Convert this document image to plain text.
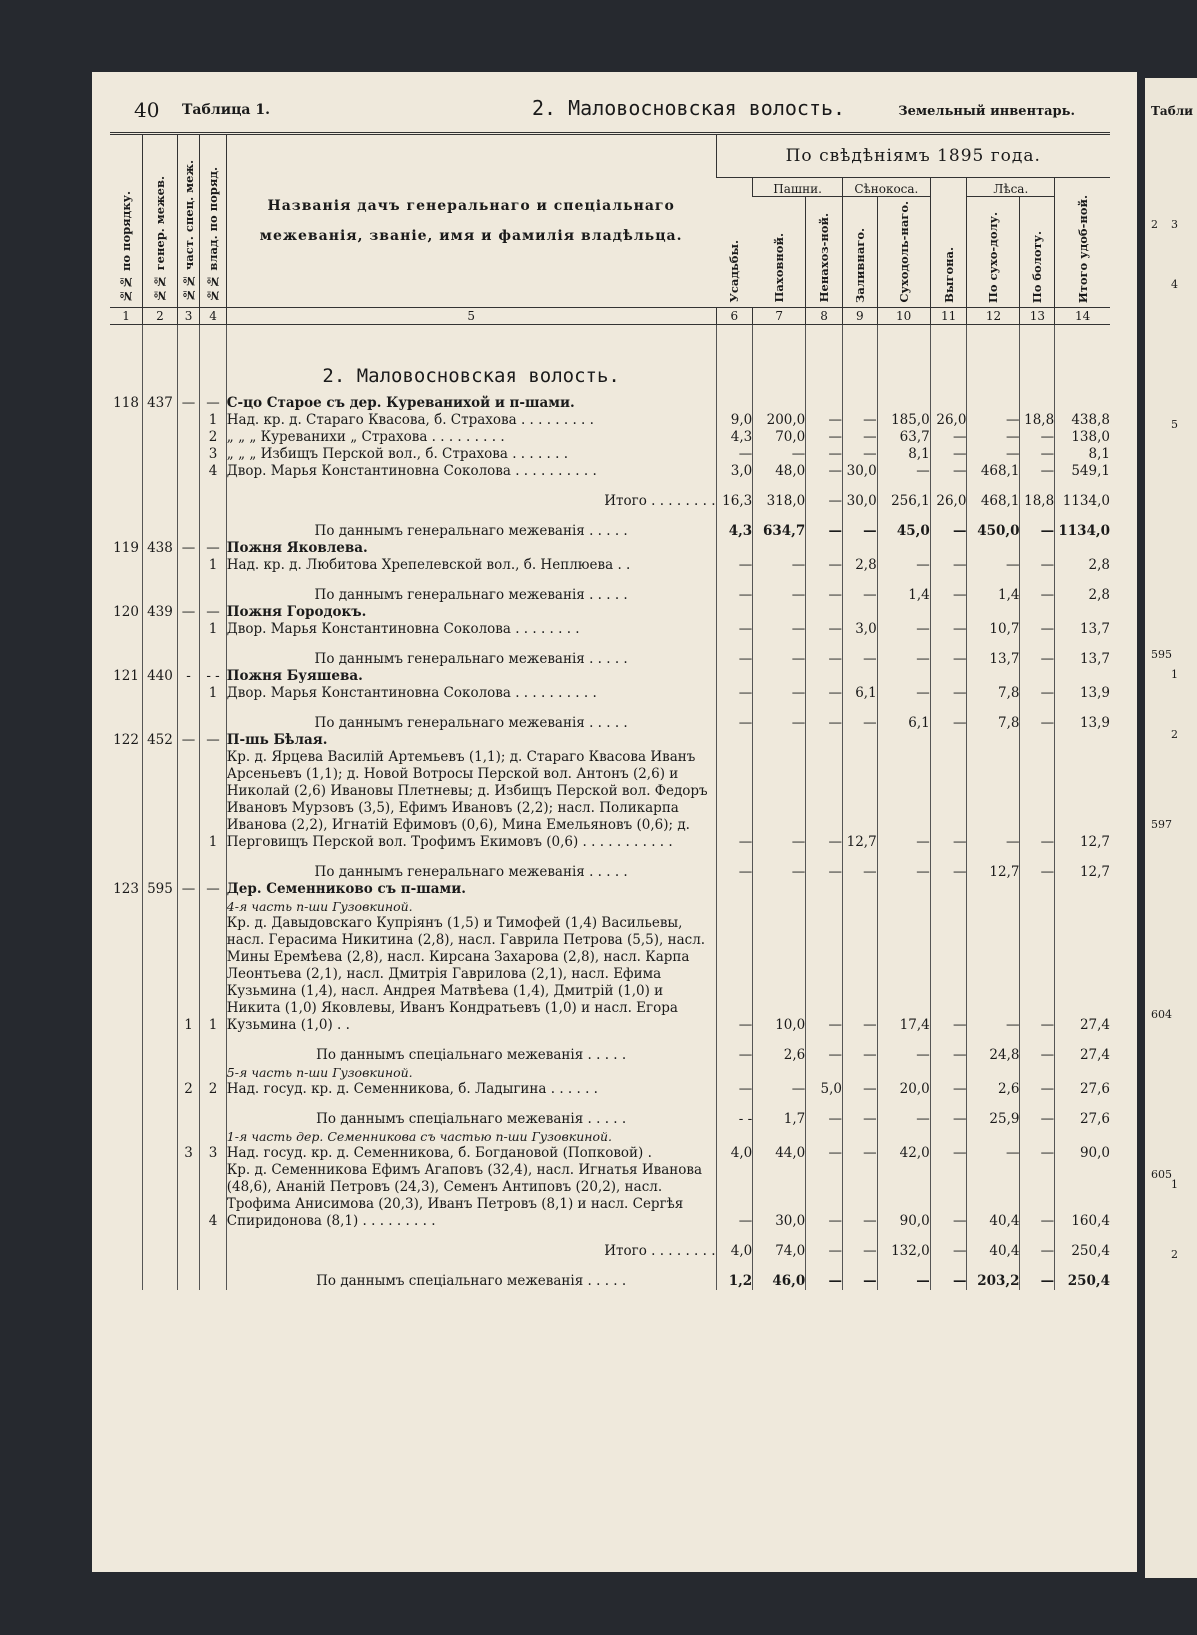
40 Таблица 1.	2. Маловосновская волость.	Земельный инвентарь.
№№ по порядку.	№№ генер. межев.	№№ част. спец. меж.	№№ влад. по поряд.	Названія дачъ генеральнаго и спеціальнаго
межеванія, званіе, имя и фамилія владѣльца.	По свѣдѣніямъ 1895 года.								

					Усадьбы.	Пашни.		Сѣнокоса.		Выгона.	Лѣса.		Итого удоб-ной.

						Паховной.	Ненахоз-ной.	Заливнаго.	Суходоль-наго.		По сухо-долу.	По болоту.	

1	2	3	4	5	6	7	8	9	10	11	12	13	14
				2. Маловосновская волость.									

118	437	—	—	С-цо Старое съ дер. Куреванихой и п-шами.									
			1	Над. кр. д. Стараго Квасова, б. Страхова . . . . . . . . .	9,0	200,0	—	—	185,0	26,0	—	18,8	438,8
			2	„ „ „ Куреванихи „ Страхова . . . . . . . . .	4,3	70,0	—	—	63,7	—	—	—	138,0
			3	„ „ „ Избищъ Перской вол., б. Страхова . . . . . . .	—	—	—	—	8,1	—	—	—	8,1
			4	Двор. Марья Константиновна Соколова . . . . . . . . . .	3,0	48,0	—	30,0	—	—	468,1	—	549,1
				Итого . . . . . . . .	16,3	318,0	—	30,0	256,1	26,0	468,1	18,8	1134,0
				По даннымъ генеральнаго межеванія . . . . .	4,3	634,7	—	—	45,0	—	450,0	—	1134,0
119	438	—	—	Пожня Яковлева.									
			1	Над. кр. д. Любитова Хрепелевской вол., б. Неплюева . .	—	—	—	2,8	—	—	—	—	2,8
				По даннымъ генеральнаго межеванія . . . . .	—	—	—	—	1,4	—	1,4	—	2,8
120	439	—	—	Пожня Городокъ.									
			1	Двор. Марья Константиновна Соколова . . . . . . . .	—	—	—	3,0	—	—	10,7	—	13,7
				По даннымъ генеральнаго межеванія . . . . .	—	—	—	—	—	—	13,7	—	13,7
121	440	-	- -	Пожня Буяшева.									
			1	Двор. Марья Константиновна Соколова . . . . . . . . . .	—	—	—	6,1	—	—	7,8	—	13,9
				По даннымъ генеральнаго межеванія . . . . .	—	—	—	—	6,1	—	7,8	—	13,9
122	452	—	—	П-шь Бѣлая.									
			1	Кр. д. Ярцева Василій Артемьевъ (1,1); д. Стараго Квасова Иванъ Арсеньевъ (1,1); д. Новой Вотросы Перской вол. Антонъ (2,6) и Николай (2,6) Ивановы Плетневы; д. Избищъ Перской вол. Федоръ Ивановъ Мурзовъ (3,5), Ефимъ Ивановъ (2,2); насл. Поликарпа Иванова (2,2), Игнатій Ефимовъ (0,6), Мина Емельяновъ (0,6); д. Перговищъ Перской вол. Трофимъ Екимовъ (0,6) . . . . . . . . . . .	—	—	—	12,7	—	—	—	—	12,7
				По даннымъ генеральнаго межеванія . . . . .	—	—	—	—	—	—	12,7	—	12,7
123	595	—	—	Дер. Семенниково съ п-шами.									
				4-я часть п-ши Гузовкиной.									
		1	1	Кр. д. Давыдовскаго Купріянъ (1,5) и Тимофей (1,4) Васильевы, насл. Герасима Никитина (2,8), насл. Гаврила Петрова (5,5), насл. Мины Еремѣева (2,8), насл. Кирсана Захарова (2,8), насл. Карпа Леонтьева (2,1), насл. Дмитрія Гаврилова (2,1), насл. Ефима Кузьмина (1,4), насл. Андрея Матвѣева (1,4), Дмитрій (1,0) и Никита (1,0) Яковлевы, Иванъ Кондратьевъ (1,0) и насл. Егора Кузьмина (1,0) . .	—	10,0	—	—	17,4	—	—	—	27,4
				По даннымъ спеціальнаго межеванія . . . . .	—	2,6	—	—	—	—	24,8	—	27,4
				5-я часть п-ши Гузовкиной.									
		2	2	Над. госуд. кр. д. Семенникова, б. Ладыгина . . . . . .	—	—	5,0	—	20,0	—	2,6	—	27,6
				По даннымъ спеціальнаго межеванія . . . . .	- -	1,7	—	—	—	—	25,9	—	27,6
				1-я часть дер. Семенникова съ частью п-ши Гузовкиной.									
		3	3	Над. госуд. кр. д. Семенникова, б. Богдановой (Попковой) .	4,0	44,0	—	—	42,0	—	—	—	90,0
			4	Кр. д. Семенникова Ефимъ Агаповъ (32,4), насл. Игнатья Иванова (48,6), Ананій Петровъ (24,3), Семенъ Антиповъ (20,2), насл. Трофима Анисимова (20,3), Иванъ Петровъ (8,1) и насл. Сергѣя Спиридонова (8,1) . . . . . . . . .	—	30,0	—	—	90,0	—	40,4	—	160,4
				Итого . . . . . . . .	4,0	74,0	—	—	132,0	—	40,4	—	250,4
				По даннымъ спеціальнаго межеванія . . . . .	1,2	46,0	—	—	—	—	203,2	—	250,4
Табли
2 3
4
5
595
1
2
597
604
605
1
2
